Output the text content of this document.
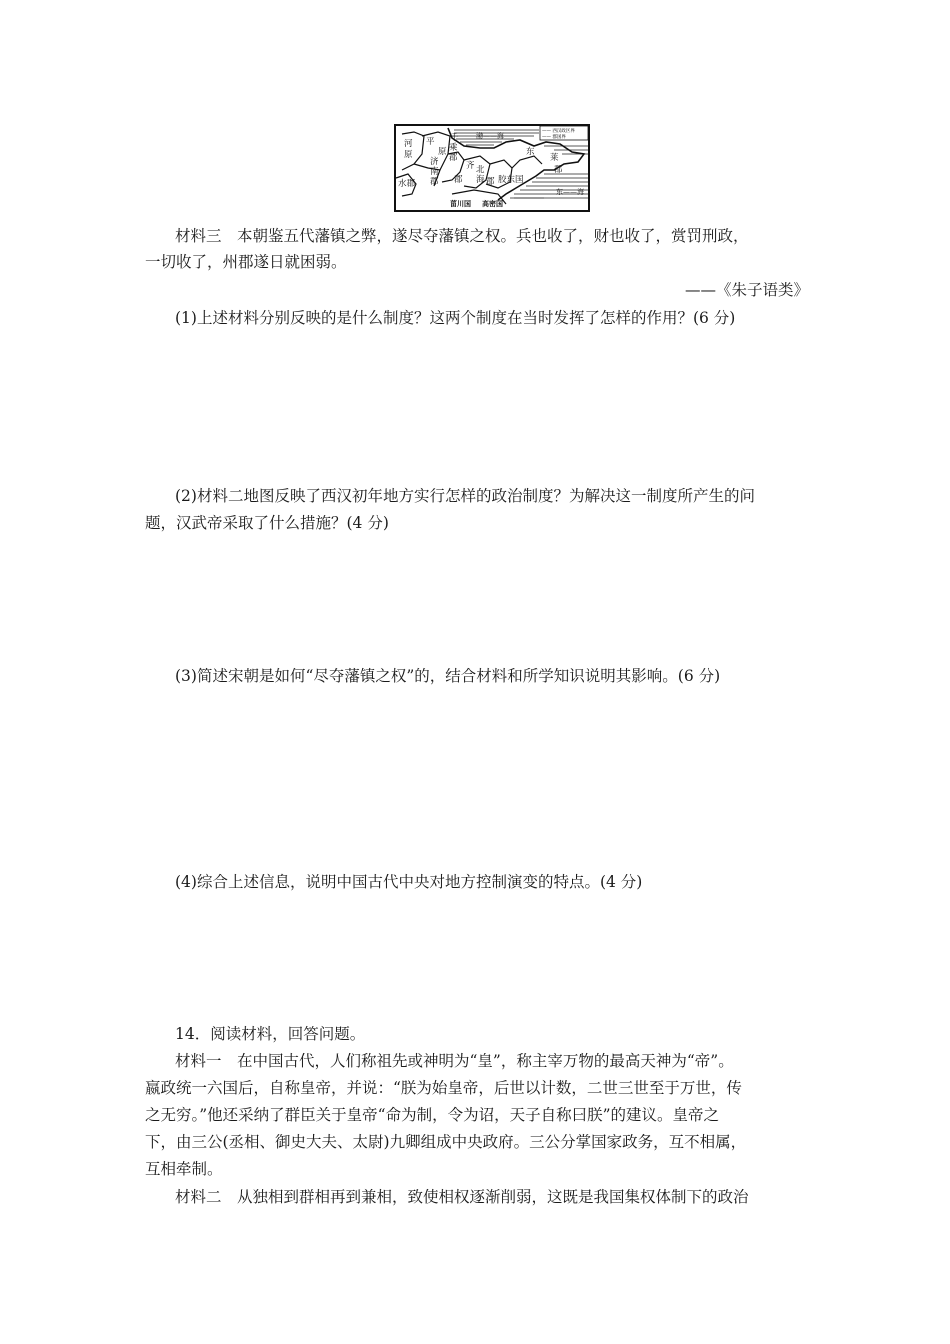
—— 西汉政区界
—— 郡国界
河
原
平
原
千
乘
郡
济
南
郡
水郡
齐
郡
北
海 郡 胶东国
东
莱
郡
渤——海
东——海
菑川国 高密国
材料三　本朝鉴五代藩镇之弊，遂尽夺藩镇之权。兵也收了，财也收了，赏罚刑政，
一切收了，州郡遂日就困弱。
——《朱子语类》
(1)上述材料分别反映的是什么制度？这两个制度在当时发挥了怎样的作用？(6 分)
(2)材料二地图反映了西汉初年地方实行怎样的政治制度？为解决这一制度所产生的问
题，汉武帝采取了什么措施？(4 分)
(3)简述宋朝是如何“尽夺藩镇之权”的，结合材料和所学知识说明其影响。(6 分)
(4)综合上述信息，说明中国古代中央对地方控制演变的特点。(4 分)
14．阅读材料，回答问题。
材料一　在中国古代，人们称祖先或神明为“皇”，称主宰万物的最高天神为“帝”。
嬴政统一六国后，自称皇帝，并说：“朕为始皇帝，后世以计数，二世三世至于万世，传
之无穷。”他还采纳了群臣关于皇帝“命为制，令为诏，天子自称曰朕”的建议。皇帝之
下，由三公(丞相、御史大夫、太尉)九卿组成中央政府。三公分掌国家政务，互不相属，
互相牵制。
材料二　从独相到群相再到兼相，致使相权逐渐削弱，这既是我国集权体制下的政治
